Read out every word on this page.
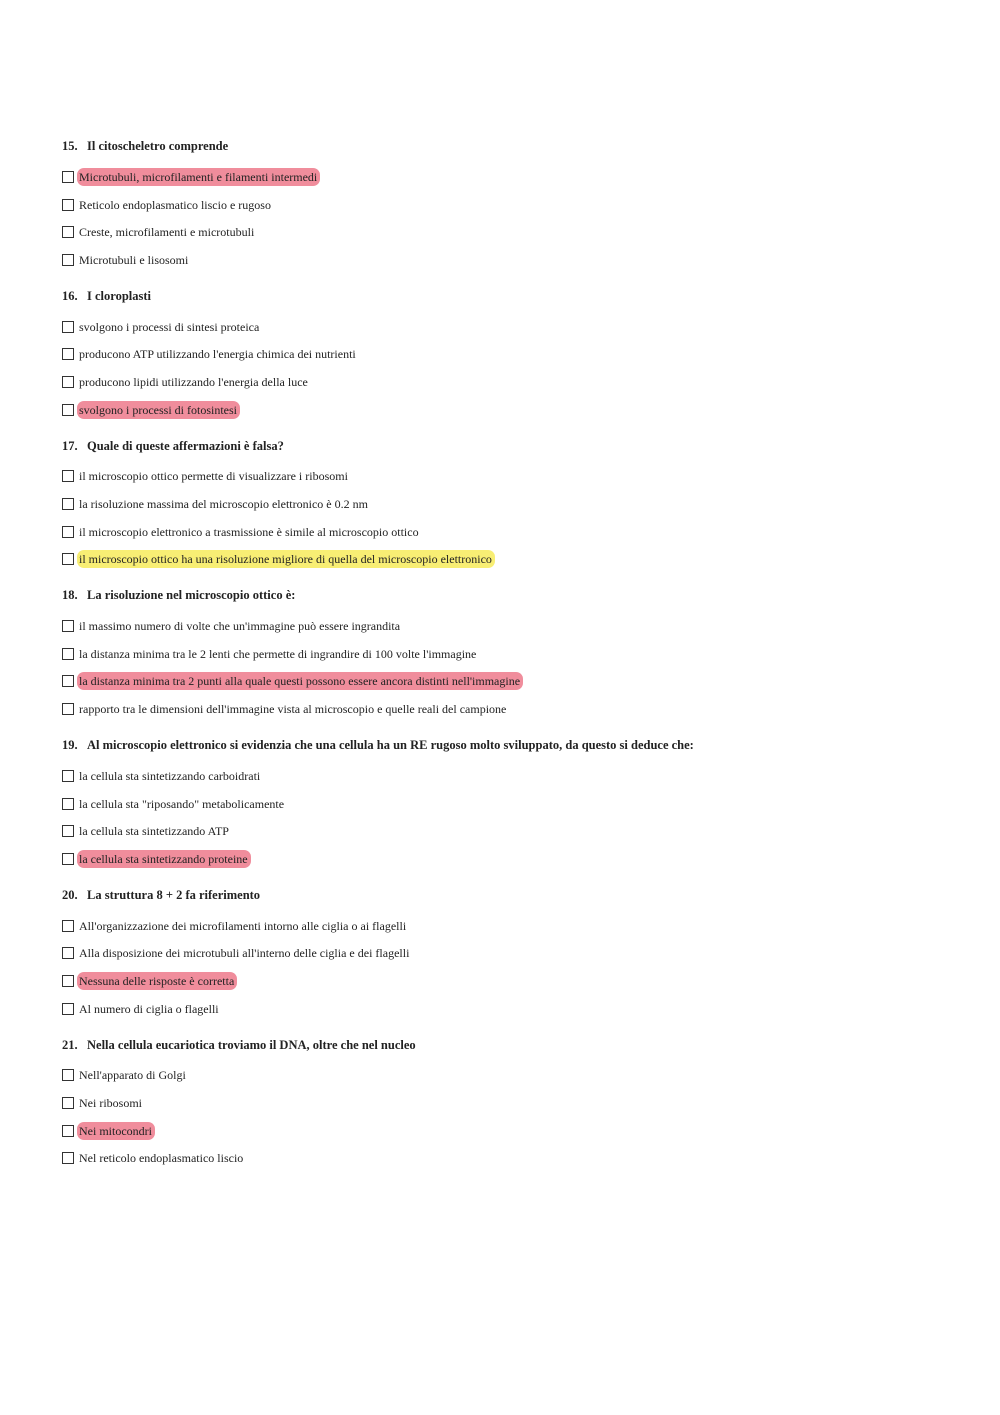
15. Il citoscheletro comprende
Microtubuli, microfilamenti e filamenti intermedi
Reticolo endoplasmatico liscio e rugoso
Creste, microfilamenti e microtubuli
Microtubuli e lisosomi
16. I cloroplasti
svolgono i processi di sintesi proteica
producono ATP utilizzando l'energia chimica dei nutrienti
producono lipidi utilizzando l'energia della luce
svolgono i processi di fotosintesi
17. Quale di queste affermazioni è falsa?
il microscopio ottico permette di visualizzare i ribosomi
la risoluzione massima del microscopio elettronico è 0.2 nm
il microscopio elettronico a trasmissione è simile al microscopio ottico
il microscopio ottico ha una risoluzione migliore di quella del microscopio elettronico
18. La risoluzione nel microscopio ottico è:
il massimo numero di volte che un'immagine può essere ingrandita
la distanza minima tra le 2 lenti che permette di ingrandire di 100 volte l'immagine
la distanza minima tra 2 punti alla quale questi possono essere ancora distinti nell'immagine
rapporto tra le dimensioni dell'immagine vista al microscopio e quelle reali del campione
19. Al microscopio elettronico si evidenzia che una cellula ha un RE rugoso molto sviluppato, da questo si deduce che:
la cellula sta sintetizzando carboidrati
la cellula sta "riposando" metabolicamente
la cellula sta sintetizzando ATP
la cellula sta sintetizzando proteine
20. La struttura 8 + 2 fa riferimento
All'organizzazione dei microfilamenti intorno alle ciglia o ai flagelli
Alla disposizione dei microtubuli all'interno delle ciglia e dei flagelli
Nessuna delle risposte è corretta
Al numero di ciglia o flagelli
21. Nella cellula eucariotica troviamo il DNA, oltre che nel nucleo
Nell'apparato di Golgi
Nei ribosomi
Nei mitocondri
Nel reticolo endoplasmatico liscio
